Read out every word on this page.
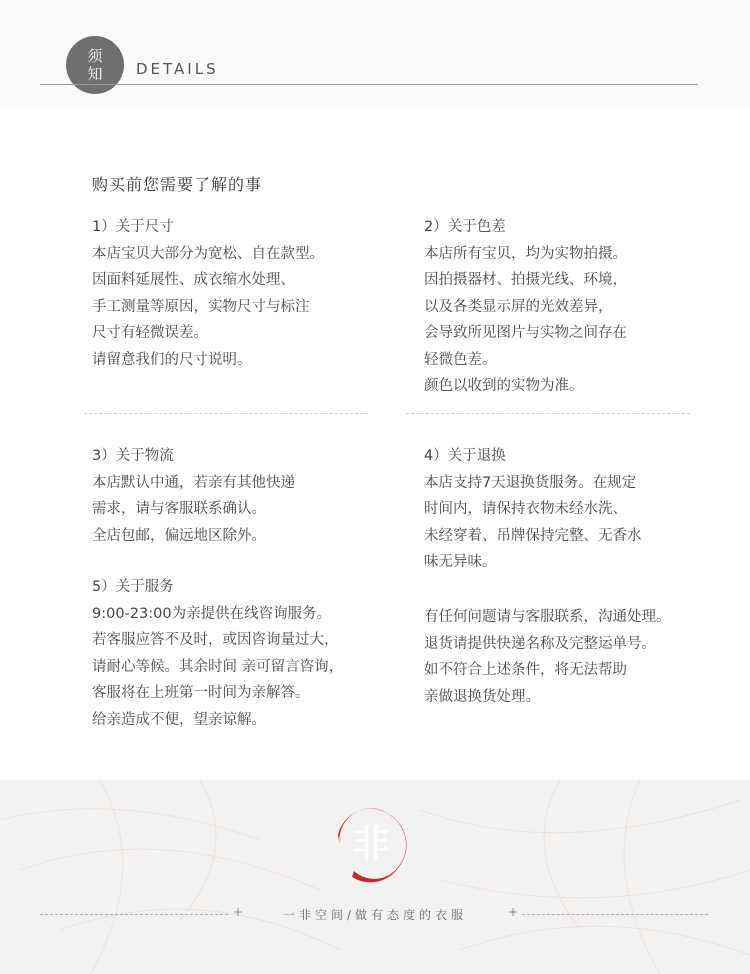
须
知 DETAILS
购买前您需要了解的事
1）关于尺寸
本店宝贝大部分为宽松、自在款型。
因面料延展性、成衣缩水处理、
手工测量等原因，实物尺寸与标注
尺寸有轻微误差。
请留意我们的尺寸说明。
2）关于色差
本店所有宝贝，均为实物拍摄。
因拍摄器材、拍摄光线、环境，
以及各类显示屏的光效差异，
会导致所见图片与实物之间存在
轻微色差。
颜色以收到的实物为准。
3）关于物流
本店默认中通，若亲有其他快递
需求，请与客服联系确认。
全店包邮，偏远地区除外。
4）关于退换
本店支持7天退换货服务。在规定
时间内，请保持衣物未经水洗、
未经穿着、吊牌保持完整、无香水
味无异味。
5）关于服务
9:00-23:00为亲提供在线咨询服务。
若客服应答不及时，或因咨询量过大，
请耐心等候。其余时间 亲可留言咨询，
客服将在上班第一时间为亲解答。
给亲造成不便，望亲谅解。
有任何问题请与客服联系，沟通处理。
退货请提供快递名称及完整运单号。
如不符合上述条件，将无法帮助
亲做退换货处理。
非
+	一非空间/做有态度的衣服	+
